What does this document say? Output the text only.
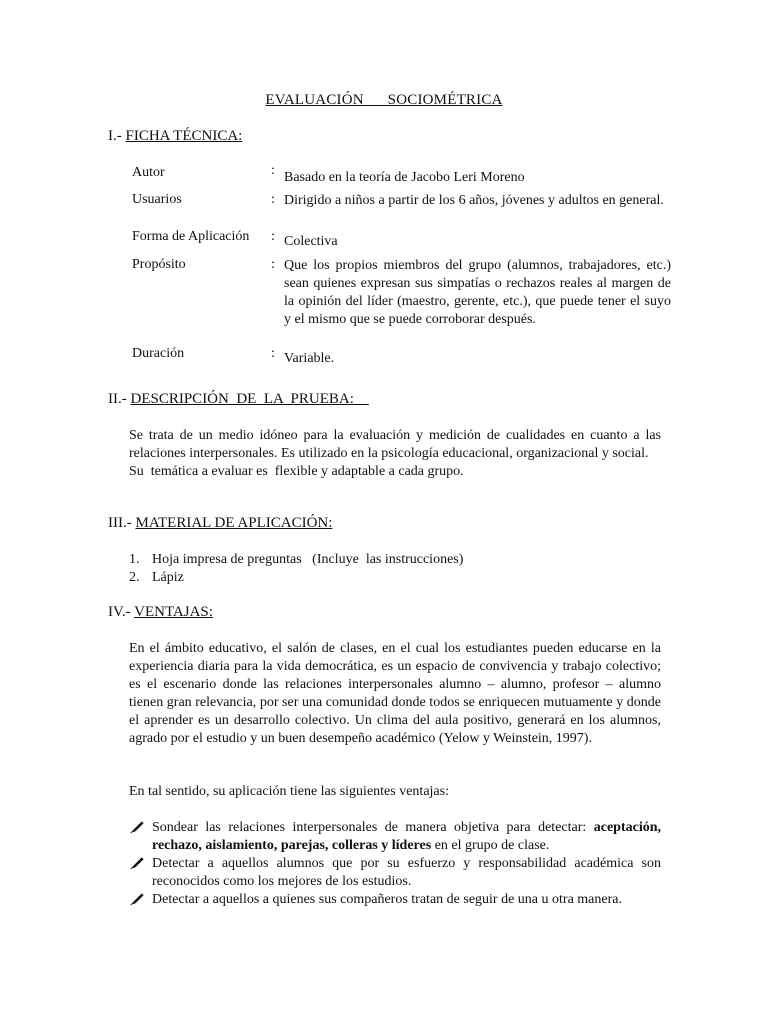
EVALUACIÓN   SOCIOMÉTRICA
I.- FICHA TÉCNICA:
Autor	: Basado en la teoría de Jacobo Leri Moreno
Usuarios	: Dirigido a niños a partir de los 6 años, jóvenes y adultos en general.
Forma de Aplicación	: Colectiva
Propósito	: Que los propios miembros del grupo (alumnos, trabajadores, etc.) sean quienes expresan sus simpatías o rechazos reales al margen de la opinión del líder (maestro, gerente, etc.), que puede tener el suyo y el mismo que se puede corroborar después.
Duración	: Variable.
II.- DESCRIPCIÓN  DE  LA  PRUEBA:

Se trata de un medio idóneo para la evaluación y medición de cualidades en cuanto a las relaciones interpersonales. Es utilizado en la psicología educacional, organizacional y social.

Su  temática a evaluar es  flexible y adaptable a cada grupo.

III.- MATERIAL DE APLICACIÓN:
1. Hoja impresa de preguntas   (Incluye  las instrucciones)
2. Lápiz
IV.- VENTAJAS:

En el ámbito educativo, el salón de clases, en el cual los estudiantes pueden educarse en la experiencia diaria para la vida democrática, es un espacio de convivencia y trabajo colectivo; es el escenario donde las relaciones interpersonales alumno – alumno, profesor – alumno tienen gran relevancia, por ser una comunidad donde todos se enriquecen mutuamente y donde el aprender es un desarrollo colectivo. Un clima del aula positivo, generará en los alumnos, agrado por el estudio y un buen desempeño académico (Yelow y Weinstein, 1997).

En tal sentido, su aplicación tiene las siguientes ventajas:

Sondear las relaciones interpersonales de manera objetiva para detectar: aceptación, rechazo, aislamiento, parejas, colleras y líderes en el grupo de clase.
Detectar a aquellos alumnos que por su esfuerzo y responsabilidad académica son reconocidos como los mejores de los estudios.
Detectar a aquellos a quienes sus compañeros tratan de seguir de una u otra manera.
